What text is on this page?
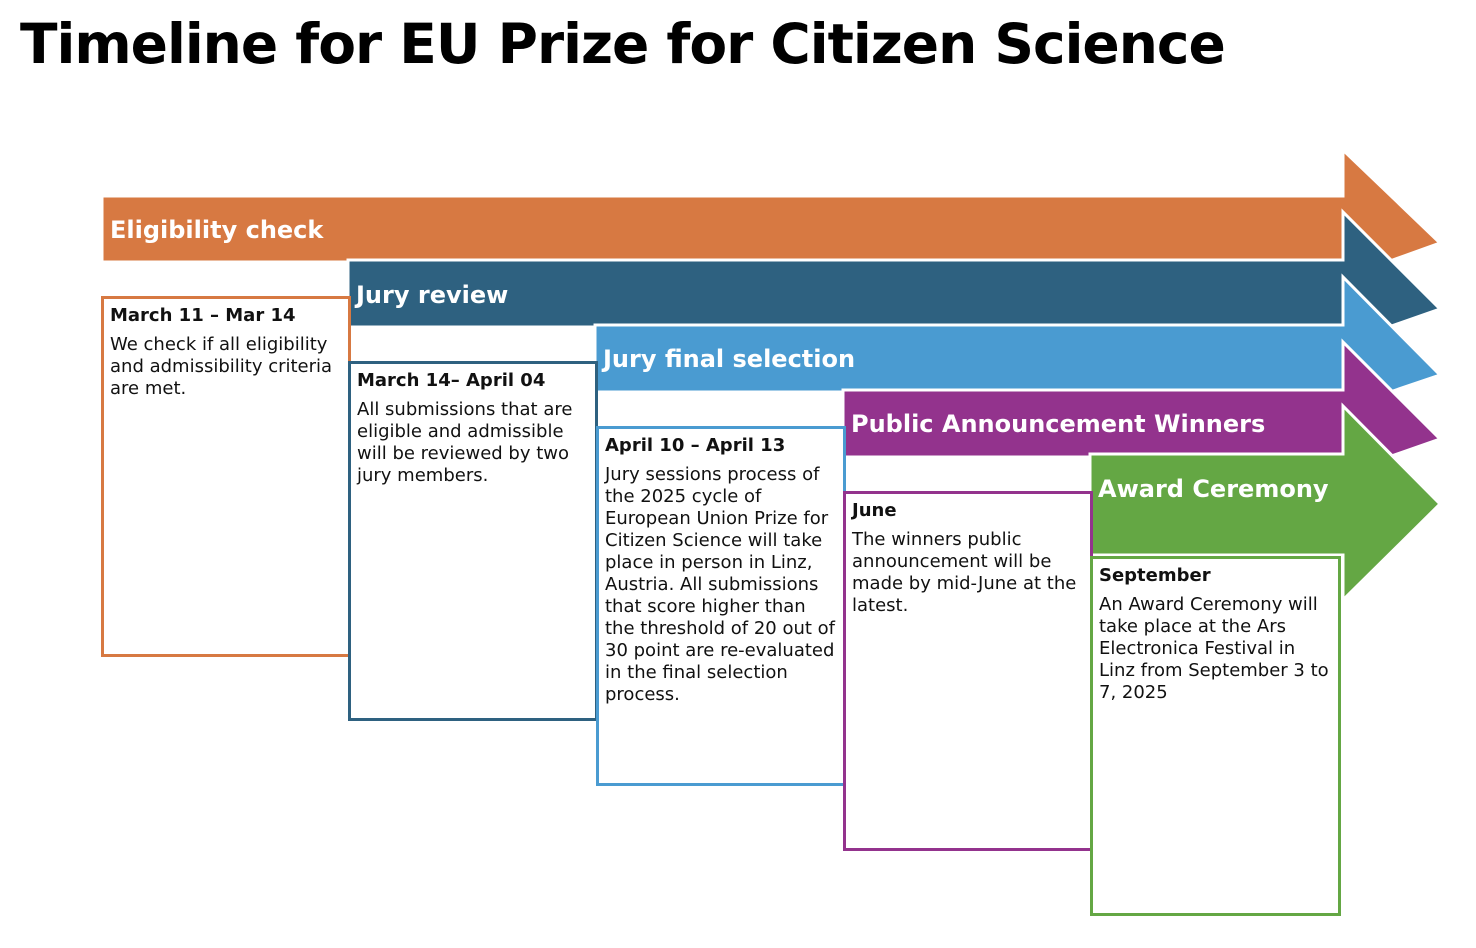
Timeline for EU Prize for Citizen Science
Eligibility check
Jury review
Jury final selection
Public Announcement Winners
Award Ceremony
March 11 – Mar 14
We check if all eligibility and admissibility criteria are met.	March 14– April 04
All submissions that are eligible and admissible will be reviewed by two jury members.
April 10 – April 13
Jury sessions process of the 2025 cycle of European Union Prize for Citizen Science will take place in person in Linz, Austria. All submissions that score higher than the threshold of 20 out of 30 point are re-evaluated in the final selection process.
June
The winners public announcement will be made by mid-June at the latest.
September
An Award Ceremony will take place at the Ars Electronica Festival in Linz from September 3 to 7, 2025
